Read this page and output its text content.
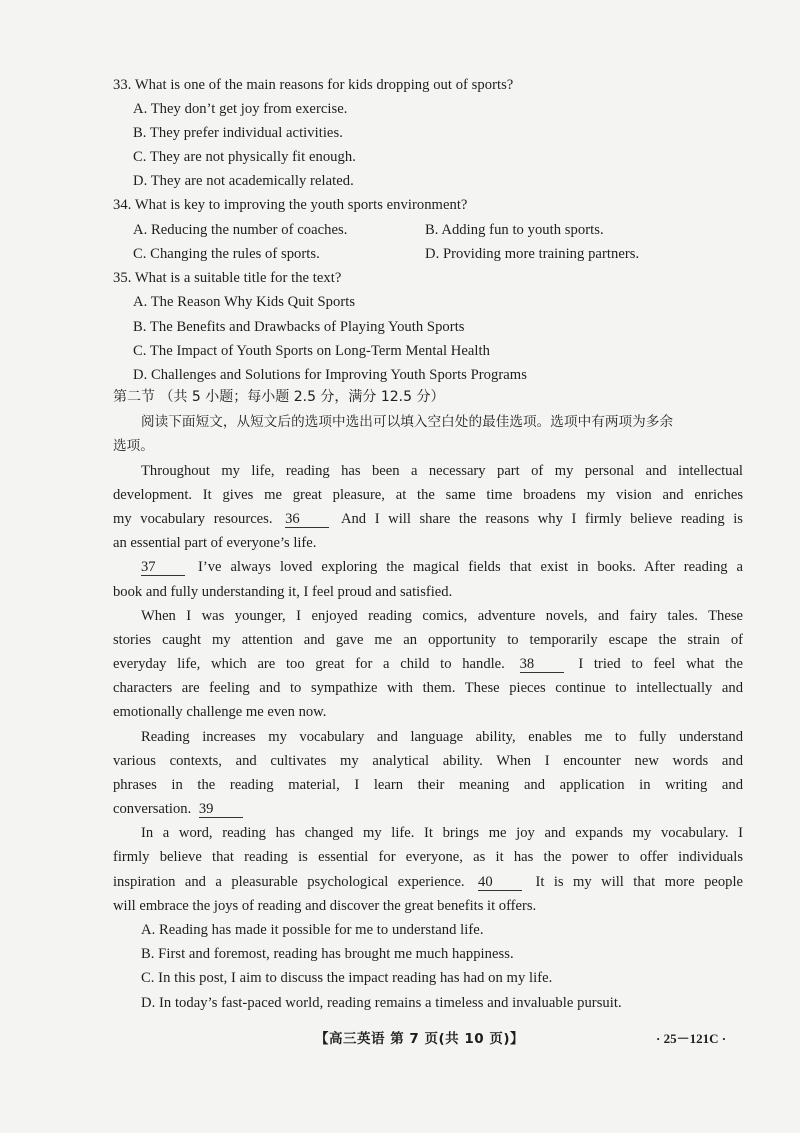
33. What is one of the main reasons for kids dropping out of sports?
A. They don’t get joy from exercise.
B. They prefer individual activities.
C. They are not physically fit enough.
D. They are not academically related.
34. What is key to improving the youth sports environment?
A. Reducing the number of coaches.	B. Adding fun to youth sports.
C. Changing the rules of sports.	D. Providing more training partners.
35. What is a suitable title for the text?
A. The Reason Why Kids Quit Sports
B. The Benefits and Drawbacks of Playing Youth Sports
C. The Impact of Youth Sports on Long-Term Mental Health
D. Challenges and Solutions for Improving Youth Sports Programs
第二节 （共 5 小题；每小题 2.5 分，满分 12.5 分）
阅读下面短文，从短文后的选项中选出可以填入空白处的最佳选项。选项中有两项为多余
选项。
Throughout my life, reading has been a necessary part of my personal and intellectual
development. It gives me great pleasure, at the same time broadens my vision and enriches
my vocabulary resources. 36	And I will share the reasons why I firmly believe reading is
an essential part of everyone’s life.
37	I’ve always loved exploring the magical fields that exist in books. After reading a
book and fully understanding it, I feel proud and satisfied.
When I was younger, I enjoyed reading comics, adventure novels, and fairy tales. These
stories caught my attention and gave me an opportunity to temporarily escape the strain of
everyday life, which are too great for a child to handle. 38	I tried to feel what the
characters are feeling and to sympathize with them. These pieces continue to intellectually and
emotionally challenge me even now.
Reading increases my vocabulary and language ability, enables me to fully understand
various contexts, and cultivates my analytical ability. When I encounter new words and
phrases in the reading material, I learn their meaning and application in writing and
conversation. 39
In a word, reading has changed my life. It brings me joy and expands my vocabulary. I
firmly believe that reading is essential for everyone, as it has the power to offer individuals
inspiration and a pleasurable psychological experience. 40	It is my will that more people
will embrace the joys of reading and discover the great benefits it offers.
A. Reading has made it possible for me to understand life.
B. First and foremost, reading has brought me much happiness.
C. In this post, I aim to discuss the impact reading has had on my life.
D. In today’s fast-paced world, reading remains a timeless and invaluable pursuit.
【高三英语 第 7 页(共 10 页)】	· 25－121C ·
